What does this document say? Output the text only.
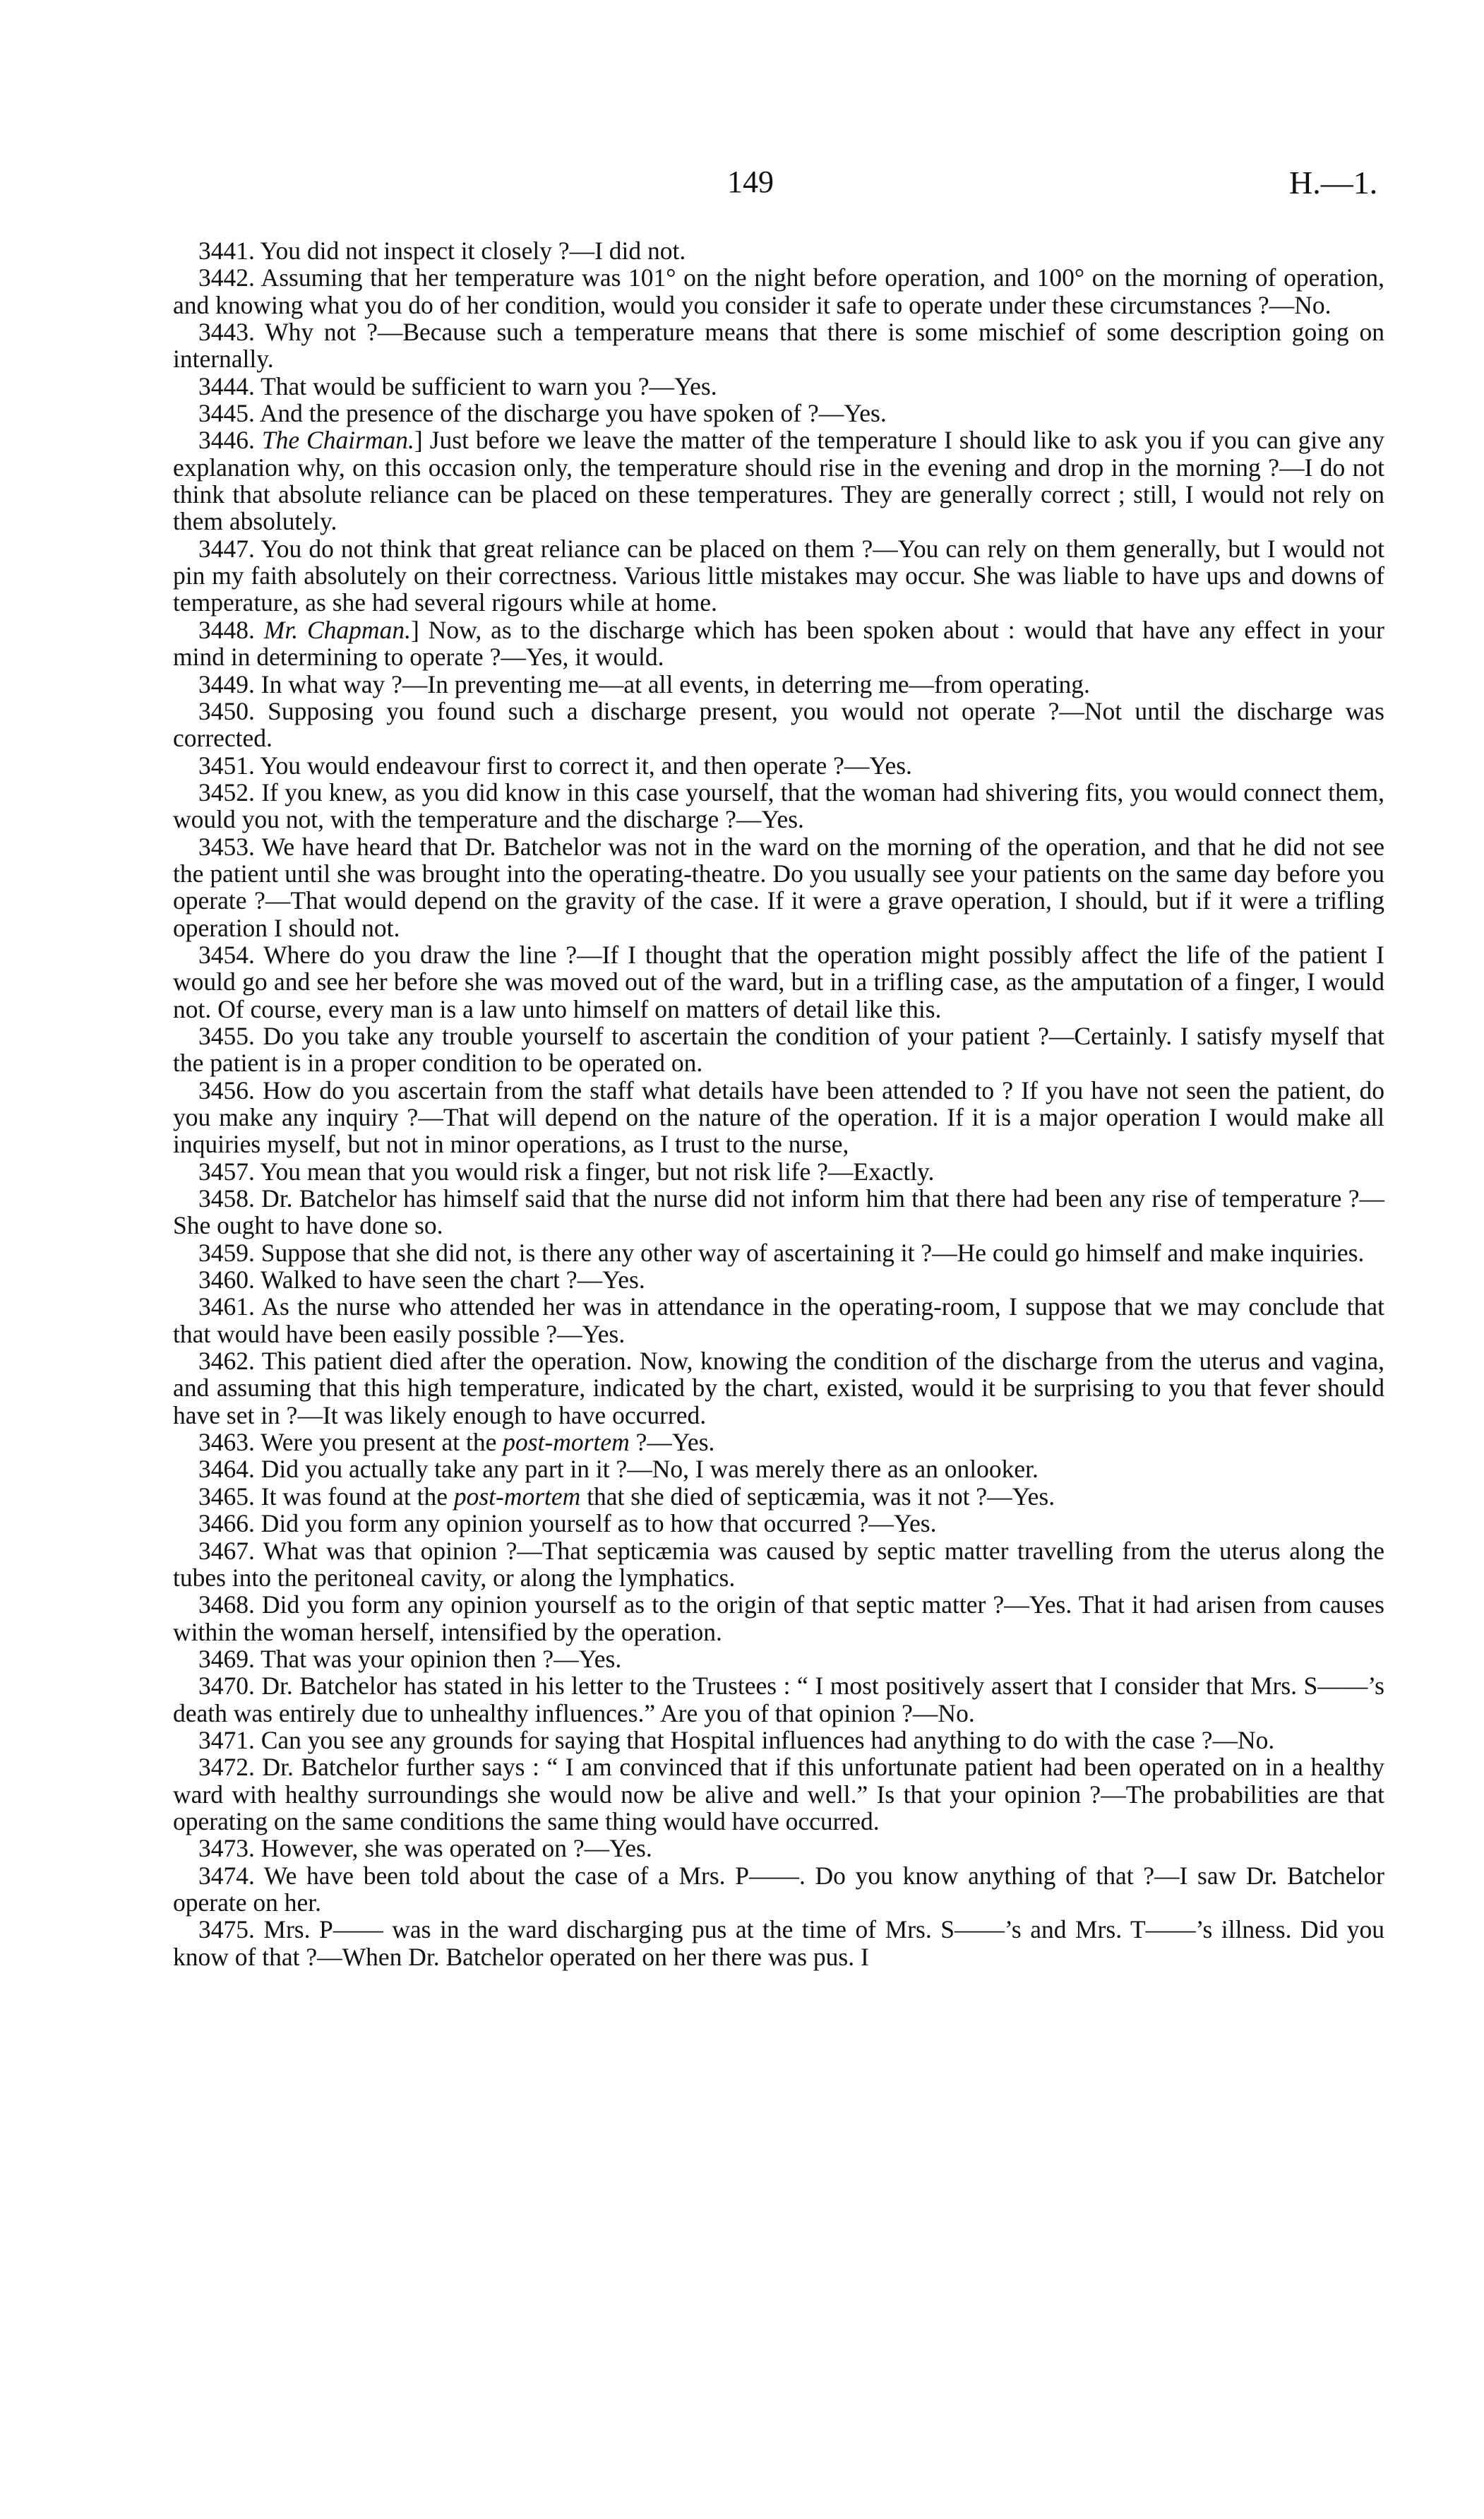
149	H.—1.

3441. You did not inspect it closely ?—I did not.

3442. Assuming that her temperature was 101° on the night before operation, and 100° on the morning of operation, and knowing what you do of her condition, would you consider it safe to operate under these circumstances ?—No.

3443. Why not ?—Because such a temperature means that there is some mischief of some description going on internally.

3444. That would be sufficient to warn you ?—Yes.

3445. And the presence of the discharge you have spoken of ?—Yes.

3446. The Chairman.] Just before we leave the matter of the temperature I should like to ask you if you can give any explanation why, on this occasion only, the temperature should rise in the evening and drop in the morning ?—I do not think that absolute reliance can be placed on these temperatures. They are generally correct ; still, I would not rely on them absolutely.

3447. You do not think that great reliance can be placed on them ?—You can rely on them generally, but I would not pin my faith absolutely on their correctness. Various little mistakes may occur. She was liable to have ups and downs of temperature, as she had several rigours while at home.

3448. Mr. Chapman.] Now, as to the discharge which has been spoken about : would that have any effect in your mind in determining to operate ?—Yes, it would.

3449. In what way ?—In preventing me—at all events, in deterring me—from operating.

3450. Supposing you found such a discharge present, you would not operate ?—Not until the discharge was corrected.

3451. You would endeavour first to correct it, and then operate ?—Yes.

3452. If you knew, as you did know in this case yourself, that the woman had shivering fits, you would connect them, would you not, with the temperature and the discharge ?—Yes.

3453. We have heard that Dr. Batchelor was not in the ward on the morning of the operation, and that he did not see the patient until she was brought into the operating-theatre. Do you usually see your patients on the same day before you operate ?—That would depend on the gravity of the case. If it were a grave operation, I should, but if it were a trifling operation I should not.

3454. Where do you draw the line ?—If I thought that the operation might possibly affect the life of the patient I would go and see her before she was moved out of the ward, but in a trifling case, as the amputation of a finger, I would not. Of course, every man is a law unto himself on matters of detail like this.

3455. Do you take any trouble yourself to ascertain the condition of your patient ?—Certainly. I satisfy myself that the patient is in a proper condition to be operated on.

3456. How do you ascertain from the staff what details have been attended to ? If you have not seen the patient, do you make any inquiry ?—That will depend on the nature of the operation. If it is a major operation I would make all inquiries myself, but not in minor operations, as I trust to the nurse,

3457. You mean that you would risk a finger, but not risk life ?—Exactly.

3458. Dr. Batchelor has himself said that the nurse did not inform him that there had been any rise of temperature ?—She ought to have done so.

3459. Suppose that she did not, is there any other way of ascertaining it ?—He could go himself and make inquiries.

3460. Walked to have seen the chart ?—Yes.

3461. As the nurse who attended her was in attendance in the operating-room, I suppose that we may conclude that that would have been easily possible ?—Yes.

3462. This patient died after the operation. Now, knowing the condition of the discharge from the uterus and vagina, and assuming that this high temperature, indicated by the chart, existed, would it be surprising to you that fever should have set in ?—It was likely enough to have occurred.

3463. Were you present at the post-mortem ?—Yes.

3464. Did you actually take any part in it ?—No, I was merely there as an onlooker.

3465. It was found at the post-mortem that she died of septicæmia, was it not ?—Yes.

3466. Did you form any opinion yourself as to how that occurred ?—Yes.

3467. What was that opinion ?—That septicæmia was caused by septic matter travelling from the uterus along the tubes into the peritoneal cavity, or along the lymphatics.

3468. Did you form any opinion yourself as to the origin of that septic matter ?—Yes. That it had arisen from causes within the woman herself, intensified by the operation.

3469. That was your opinion then ?—Yes.

3470. Dr. Batchelor has stated in his letter to the Trustees : “ I most positively assert that I consider that Mrs. S——’s death was entirely due to unhealthy influences.” Are you of that opinion ?—No.

3471. Can you see any grounds for saying that Hospital influences had anything to do with the case ?—No.

3472. Dr. Batchelor further says : “ I am convinced that if this unfortunate patient had been operated on in a healthy ward with healthy surroundings she would now be alive and well.” Is that your opinion ?—The probabilities are that operating on the same conditions the same thing would have occurred.

3473. However, she was operated on ?—Yes.

3474. We have been told about the case of a Mrs. P——. Do you know anything of that ?—I saw Dr. Batchelor operate on her.

3475. Mrs. P—— was in the ward discharging pus at the time of Mrs. S——’s and Mrs. T——’s illness. Did you know of that ?—When Dr. Batchelor operated on her there was pus. I
